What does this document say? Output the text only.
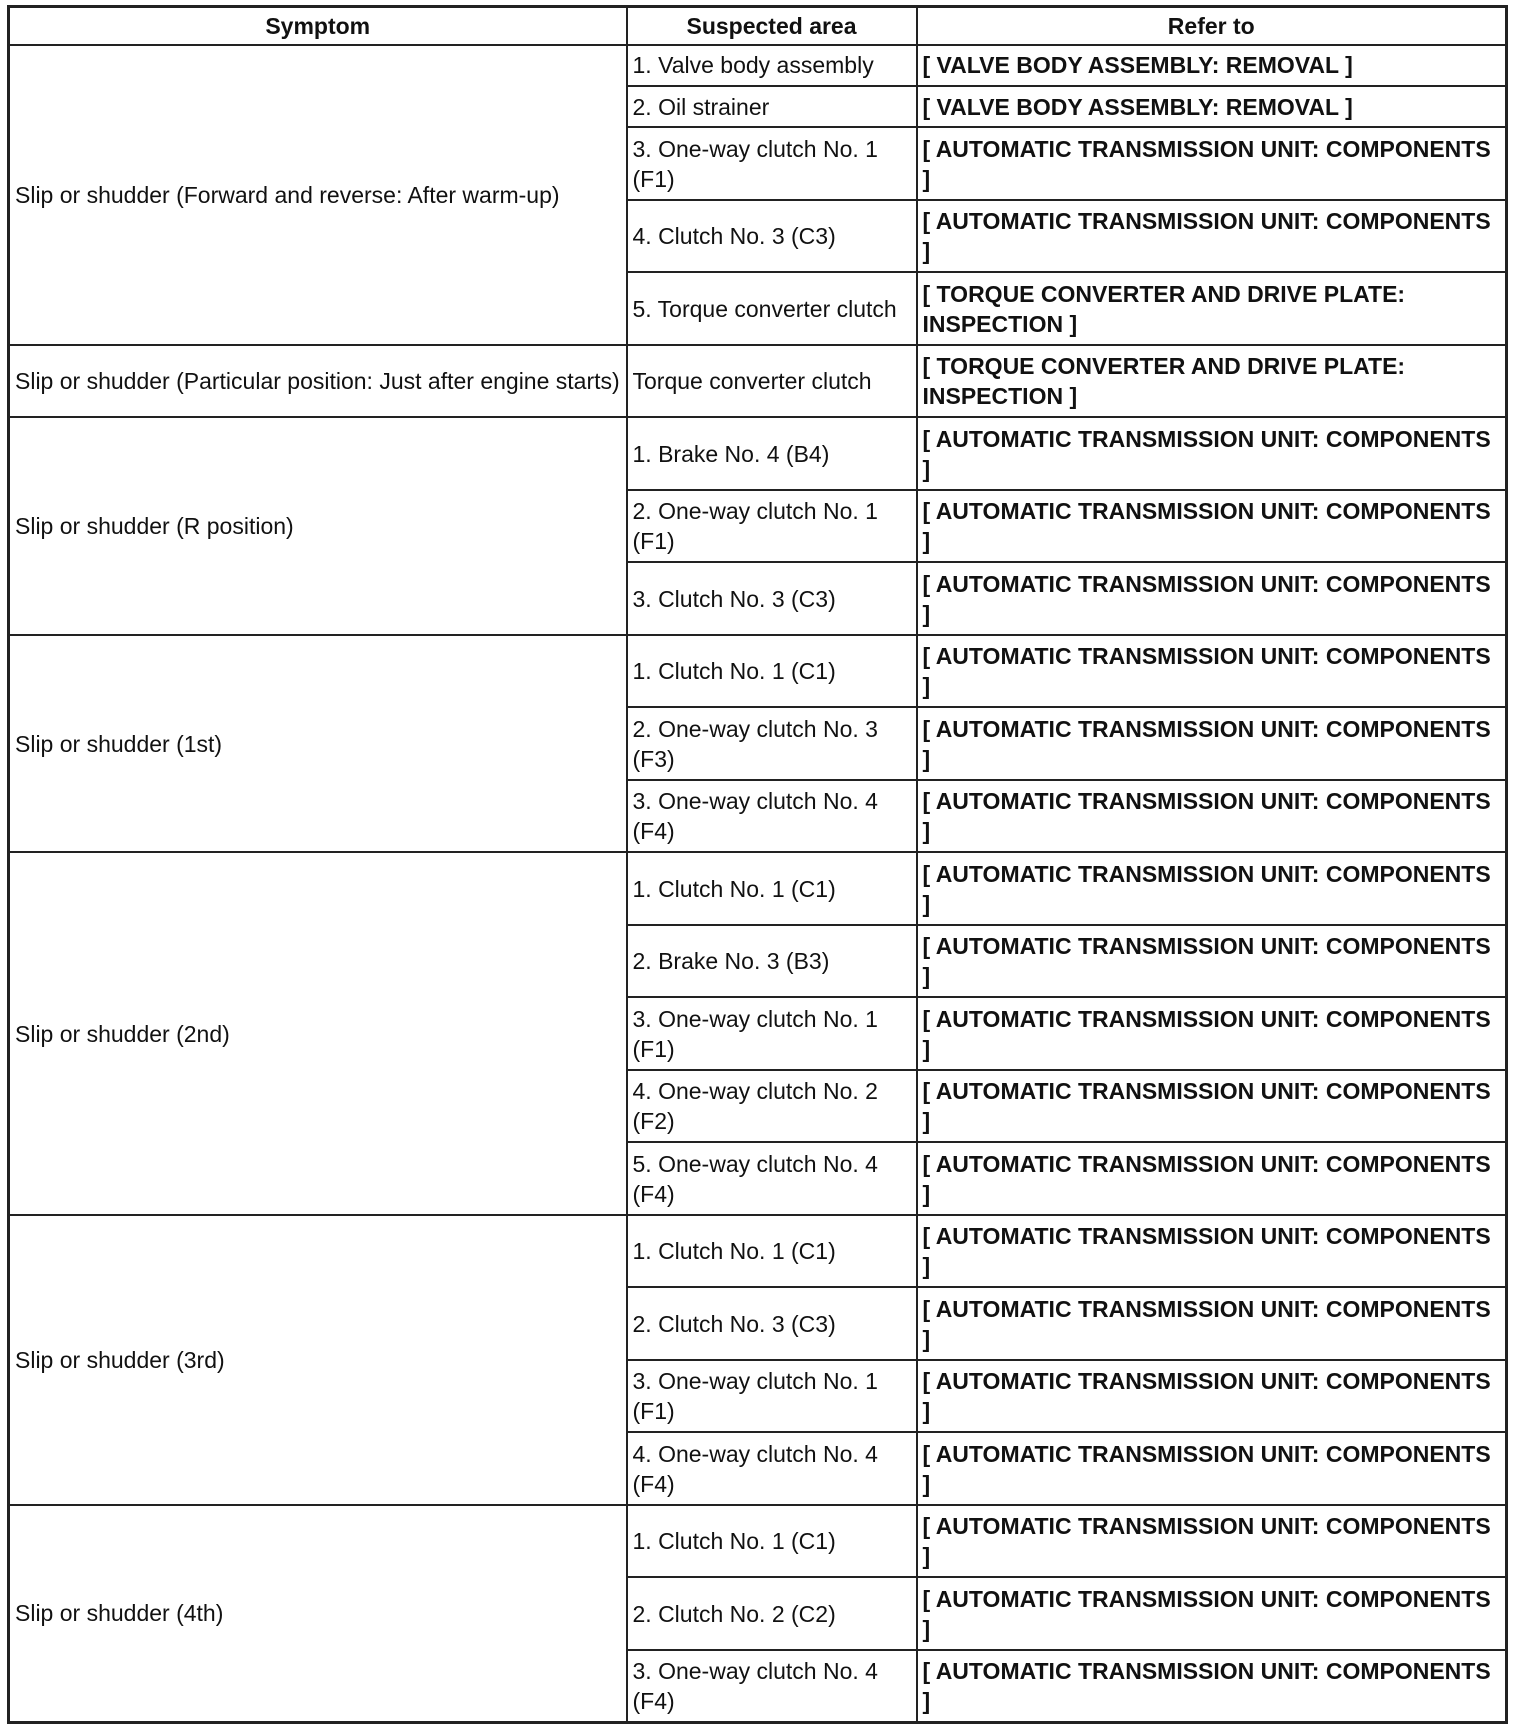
Symptom	Suspected area	Refer to
Slip or shudder (Forward and reverse: After warm-up)	1. Valve body assembly	[ VALVE BODY ASSEMBLY: REMOVAL ]
	2. Oil strainer	[ VALVE BODY ASSEMBLY: REMOVAL ]
	3. One-way clutch No. 1 (F1)	[ AUTOMATIC TRANSMISSION UNIT: COMPONENTS ]
	4. Clutch No. 3 (C3)	[ AUTOMATIC TRANSMISSION UNIT: COMPONENTS ]
	5. Torque converter clutch	[ TORQUE CONVERTER AND DRIVE PLATE: INSPECTION ]
Slip or shudder (Particular position: Just after engine starts)	Torque converter clutch	[ TORQUE CONVERTER AND DRIVE PLATE: INSPECTION ]
Slip or shudder (R position)	1. Brake No. 4 (B4)	[ AUTOMATIC TRANSMISSION UNIT: COMPONENTS ]
	2. One-way clutch No. 1 (F1)	[ AUTOMATIC TRANSMISSION UNIT: COMPONENTS ]
	3. Clutch No. 3 (C3)	[ AUTOMATIC TRANSMISSION UNIT: COMPONENTS ]
Slip or shudder (1st)	1. Clutch No. 1 (C1)	[ AUTOMATIC TRANSMISSION UNIT: COMPONENTS ]
	2. One-way clutch No. 3 (F3)	[ AUTOMATIC TRANSMISSION UNIT: COMPONENTS ]
	3. One-way clutch No. 4 (F4)	[ AUTOMATIC TRANSMISSION UNIT: COMPONENTS ]
Slip or shudder (2nd)	1. Clutch No. 1 (C1)	[ AUTOMATIC TRANSMISSION UNIT: COMPONENTS ]
	2. Brake No. 3 (B3)	[ AUTOMATIC TRANSMISSION UNIT: COMPONENTS ]
	3. One-way clutch No. 1 (F1)	[ AUTOMATIC TRANSMISSION UNIT: COMPONENTS ]
	4. One-way clutch No. 2 (F2)	[ AUTOMATIC TRANSMISSION UNIT: COMPONENTS ]
	5. One-way clutch No. 4 (F4)	[ AUTOMATIC TRANSMISSION UNIT: COMPONENTS ]
Slip or shudder (3rd)	1. Clutch No. 1 (C1)	[ AUTOMATIC TRANSMISSION UNIT: COMPONENTS ]
	2. Clutch No. 3 (C3)	[ AUTOMATIC TRANSMISSION UNIT: COMPONENTS ]
	3. One-way clutch No. 1 (F1)	[ AUTOMATIC TRANSMISSION UNIT: COMPONENTS ]
	4. One-way clutch No. 4 (F4)	[ AUTOMATIC TRANSMISSION UNIT: COMPONENTS ]
Slip or shudder (4th)	1. Clutch No. 1 (C1)	[ AUTOMATIC TRANSMISSION UNIT: COMPONENTS ]
	2. Clutch No. 2 (C2)	[ AUTOMATIC TRANSMISSION UNIT: COMPONENTS ]
	3. One-way clutch No. 4 (F4)	[ AUTOMATIC TRANSMISSION UNIT: COMPONENTS ]
